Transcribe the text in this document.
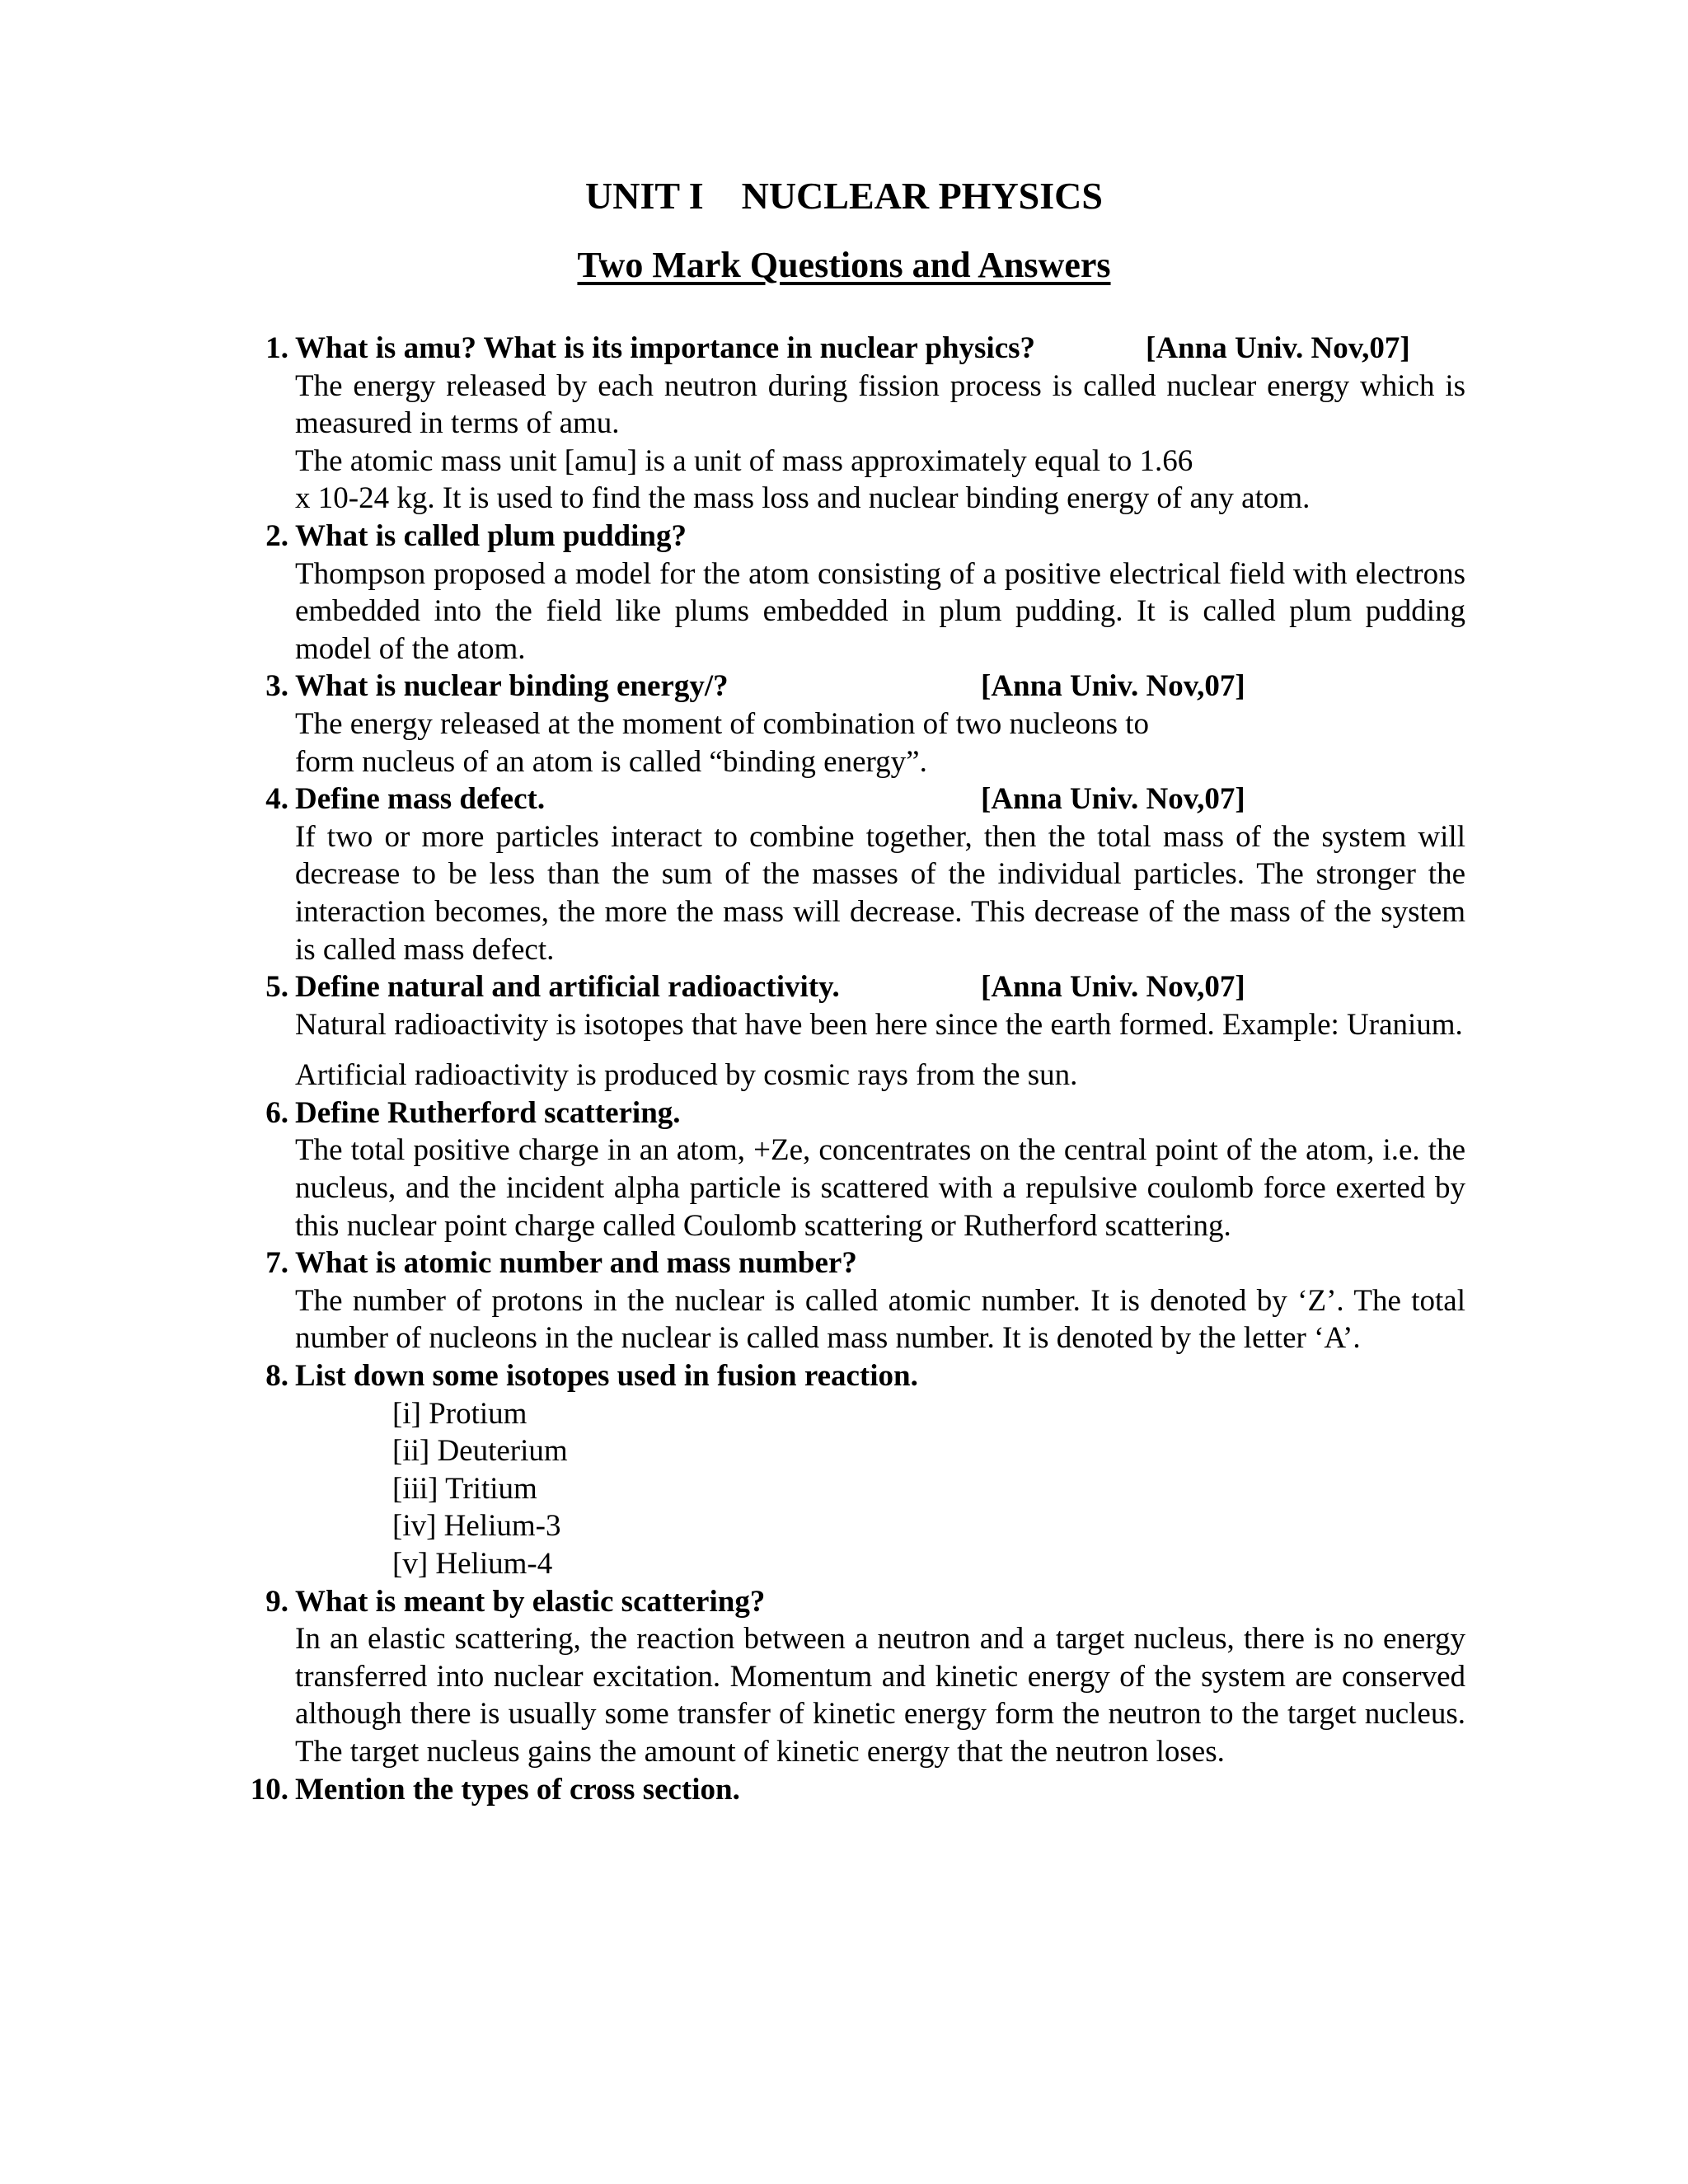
UNIT I    NUCLEAR PHYSICS
Two Mark Questions and Answers
1. What is amu? What is its importance in nuclear physics?	[Anna Univ. Nov,07]

The energy released by each neutron during fission process is called nuclear energy which is measured in terms of amu.

The atomic mass unit [amu] is a unit of mass approximately equal to 1.66
x 10-24 kg. It is used to find the mass loss and nuclear binding energy of any atom.

2. What is called plum pudding?

Thompson proposed a model for the atom consisting of a positive electrical field with electrons embedded into the field like plums embedded in plum pudding. It is called plum pudding model of the atom.

3. What is nuclear binding energy/?	[Anna Univ. Nov,07]

The energy released at the moment of combination of two nucleons to
form nucleus of an atom is called “binding energy”.

4. Define mass defect.	[Anna Univ. Nov,07]

If two or more particles interact to combine together, then the total mass of the system will decrease to be less than the sum of the masses of the individual particles. The stronger the interaction becomes, the more the mass will decrease. This decrease of the mass of the system is called mass defect.

5. Define natural and artificial radioactivity.	[Anna Univ. Nov,07]

Natural radioactivity is isotopes that have been here since the earth formed. Example: Uranium.

Artificial radioactivity is produced by cosmic rays from the sun.

6. Define Rutherford scattering.

The total positive charge in an atom, +Ze, concentrates on the central point of the atom, i.e. the nucleus, and the incident alpha particle is scattered with a repulsive coulomb force exerted by this nuclear point charge called Coulomb scattering or Rutherford scattering.

7. What is atomic number and mass number?

The number of protons in the nuclear is called atomic number. It is denoted by ‘Z’. The total number of nucleons in the nuclear is called mass number. It is denoted by the letter ‘A’.

8. List down some isotopes used in fusion reaction.
[i] Protium
[ii] Deuterium
[iii] Tritium
[iv] Helium-3
[v] Helium-4
9. What is meant by elastic scattering?

In an elastic scattering, the reaction between a neutron and a target nucleus, there is no energy transferred into nuclear excitation. Momentum and kinetic energy of the system are conserved although there is usually some transfer of kinetic energy form the neutron to the target nucleus. The target nucleus gains the amount of kinetic energy that the neutron loses.

10. Mention the types of cross section.
